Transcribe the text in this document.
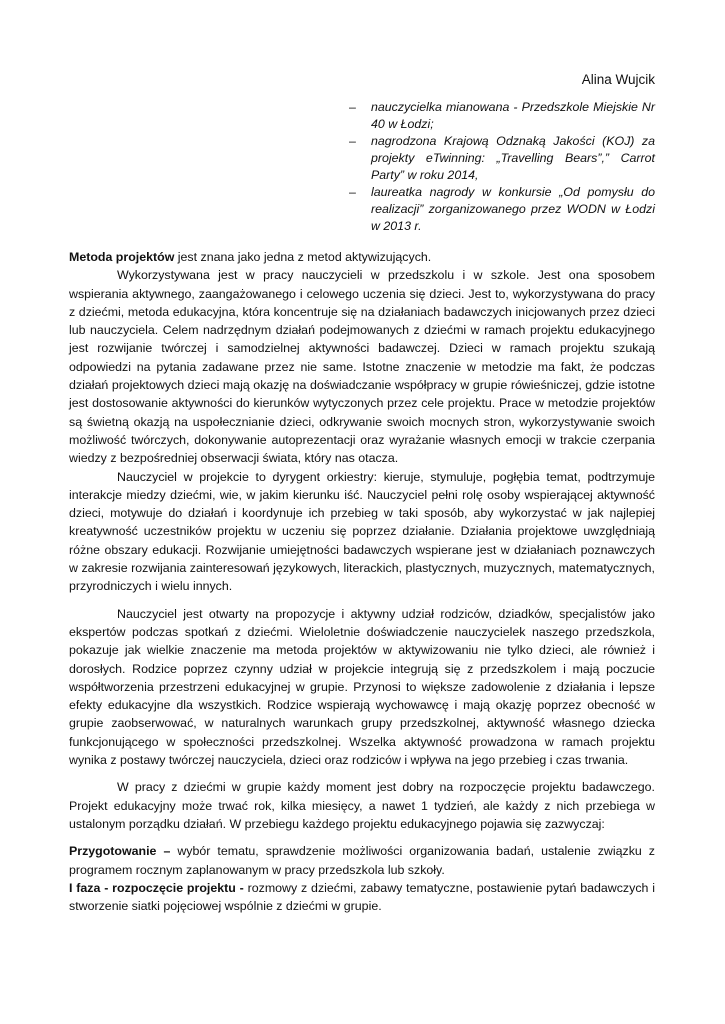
Alina Wujcik
– nauczycielka mianowana - Przedszkole Miejskie Nr 40 w Łodzi;
– nagrodzona Krajową Odznaką Jakości (KOJ) za projekty eTwinning: „Travelling Bears”,” Carrot Party” w roku 2014,
– laureatka nagrody w konkursie „Od pomysłu do realizacji” zorganizowanego przez WODN w Łodzi w 2013 r.

Metoda projektów jest znana jako jedna z metod aktywizujących.

Wykorzystywana jest w pracy nauczycieli w przedszkolu i w szkole. Jest ona sposobem wspierania aktywnego, zaangażowanego i celowego uczenia się dzieci. Jest to, wykorzystywana do pracy z dziećmi, metoda edukacyjna, która koncentruje się na działaniach badawczych inicjowanych przez dzieci lub nauczyciela. Celem nadrzędnym działań podejmowanych z dziećmi w ramach projektu edukacyjnego jest rozwijanie twórczej i samodzielnej aktywności badawczej. Dzieci w ramach projektu szukają odpowiedzi na pytania zadawane przez nie same. Istotne znaczenie w metodzie ma fakt, że podczas działań projektowych dzieci mają okazję na doświadczanie współpracy w grupie rówieśniczej, gdzie istotne jest dostosowanie aktywności do kierunków wytyczonych przez cele projektu. Prace w metodzie projektów są świetną okazją na uspołecznianie dzieci, odkrywanie swoich mocnych stron, wykorzystywanie swoich możliwość twórczych, dokonywanie autoprezentacji oraz wyrażanie własnych emocji w trakcie czerpania wiedzy z bezpośredniej obserwacji świata, który nas otacza.

Nauczyciel w projekcie to dyrygent orkiestry: kieruje, stymuluje, pogłębia temat, podtrzymuje interakcje miedzy dziećmi, wie, w jakim kierunku iść. Nauczyciel pełni rolę osoby wspierającej aktywność dzieci, motywuje do działań i koordynuje ich przebieg w taki sposób, aby wykorzystać w jak najlepiej kreatywność uczestników projektu w uczeniu się poprzez działanie. Działania projektowe uwzględniają różne obszary edukacji. Rozwijanie umiejętności badawczych wspierane jest w działaniach poznawczych w zakresie rozwijania zainteresowań językowych, literackich, plastycznych, muzycznych, matematycznych, przyrodniczych i wielu innych.

Nauczyciel jest otwarty na propozycje i aktywny udział rodziców, dziadków, specjalistów jako ekspertów podczas spotkań z dziećmi. Wieloletnie doświadczenie nauczycielek naszego przedszkola, pokazuje jak wielkie znaczenie ma metoda projektów w aktywizowaniu nie tylko dzieci, ale również i dorosłych. Rodzice poprzez czynny udział w projekcie integrują się z przedszkolem i mają poczucie współtworzenia przestrzeni edukacyjnej w grupie. Przynosi to większe zadowolenie z działania i lepsze efekty edukacyjne dla wszystkich. Rodzice wspierają wychowawcę i mają okazję poprzez obecność w grupie zaobserwować, w naturalnych warunkach grupy przedszkolnej, aktywność własnego dziecka funkcjonującego w społeczności przedszkolnej. Wszelka aktywność prowadzona w ramach projektu wynika z postawy twórczej nauczyciela, dzieci oraz rodziców i wpływa na jego przebieg i czas trwania.

W pracy z dziećmi w grupie każdy moment jest dobry na rozpoczęcie projektu badawczego. Projekt edukacyjny może trwać rok, kilka miesięcy, a nawet 1 tydzień, ale każdy z nich przebiega w ustalonym porządku działań. W przebiegu każdego projektu edukacyjnego pojawia się zazwyczaj:

Przygotowanie – wybór tematu, sprawdzenie możliwości organizowania badań, ustalenie związku z programem rocznym zaplanowanym w pracy przedszkola lub szkoły.

I faza - rozpoczęcie projektu - rozmowy z dziećmi, zabawy tematyczne, postawienie pytań badawczych i stworzenie siatki pojęciowej wspólnie z dziećmi w grupie.
